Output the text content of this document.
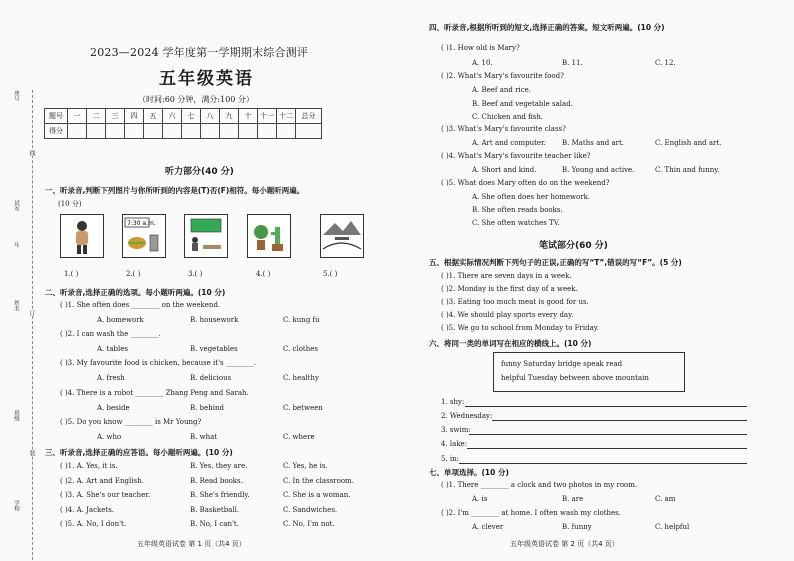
座号
试室
年
姓名
班级
学校
线
订
装
2023—2024 学年度第一学期期末综合测评
五年级英语
（时间:60 分钟，满分:100 分）
题号	一	二	三	四	五	六	七	八	九	十	十一	十二	总分
得分													
听力部分(40 分)
一、听录音,判断下列图片与你所听到的内容是(T)否(F)相符。每小题听两遍。
(10 分)
7:30 a.m.
1.( )	2.( )	3.( )	4.( )	5.( )
二、听录音,选择正确的选项。每小题听两遍。(10 分)
( )1. She often does ________ on the weekend.
A. homework	B. housework	C. kung fu
( )2. I can wash the ________.
A. tables	B. vegetables	C. clothes
( )3. My favourite food is chicken, because it's ________.
A. fresh	B. delicious	C. healthy
( )4. There is a robot ________ Zhang Peng and Sarah.
A. beside	B. behind	C. between
( )5. Do you know ________ is Mr Young?
A. who	B. what	C. where
三、听录音,选择正确的应答语。每小题听两遍。(10 分)
( )1. A. Yes, it is.	B. Yes, they are.	C. Yes, he is.
( )2. A. Art and English.	B. Read books.	C. In the classroom.
( )3. A. She's our teacher.	B. She's friendly.	C. She is a woman.
( )4. A. Jackets.	B. Basketball.	C. Sandwiches.
( )5. A. No, I don't.	B. No, I can't.	C. No, I'm not.
五年级英语试卷 第 1 页（共4 页）
四、听录音,根据所听到的短文,选择正确的答案。短文听两遍。(10 分)
( )1. How old is Mary?
A. 10.	B. 11.	C. 12.
( )2. What's Mary's favourite food?
A. Beef and rice.
B. Beef and vegetable salad.
C. Chicken and fish.
( )3. What's Mary's favourite class?
A. Art and computer. B. Maths and art.	C. English and art.
( )4. What's Mary's favourite teacher like?
A. Short and kind.	B. Young and active.	C. Thin and funny.
( )5. What does Mary often do on the weekend?
A. She often does her homework.
B. She often reads books.
C. She often watches TV.
笔试部分(60 分)
五、根据实际情况判断下列句子的正误,正确的写“T”,错误的写“F”。(5 分)
( )1. There are seven days in a week.
( )2. Monday is the first day of a week.
( )3. Eating too much meat is good for us.
( )4. We should play sports every day.
( )5. We go to school from Monday to Friday.
六、将同一类的单词写在相应的横线上。(10 分)
funny Saturday bridge speak read
helpful Tuesday between above mountain
1. shy:
2. Wednesday:
3. swim:
4. lake:
5. in:
七、单项选择。(10 分)
( )1. There ________ a clock and two photos in my room.
A. is	B. are	C. am
( )2. I'm ________ at home. I often wash my clothes.
A. clever	B. funny	C. helpful
五年级英语试卷 第 2 页（共4 页）
